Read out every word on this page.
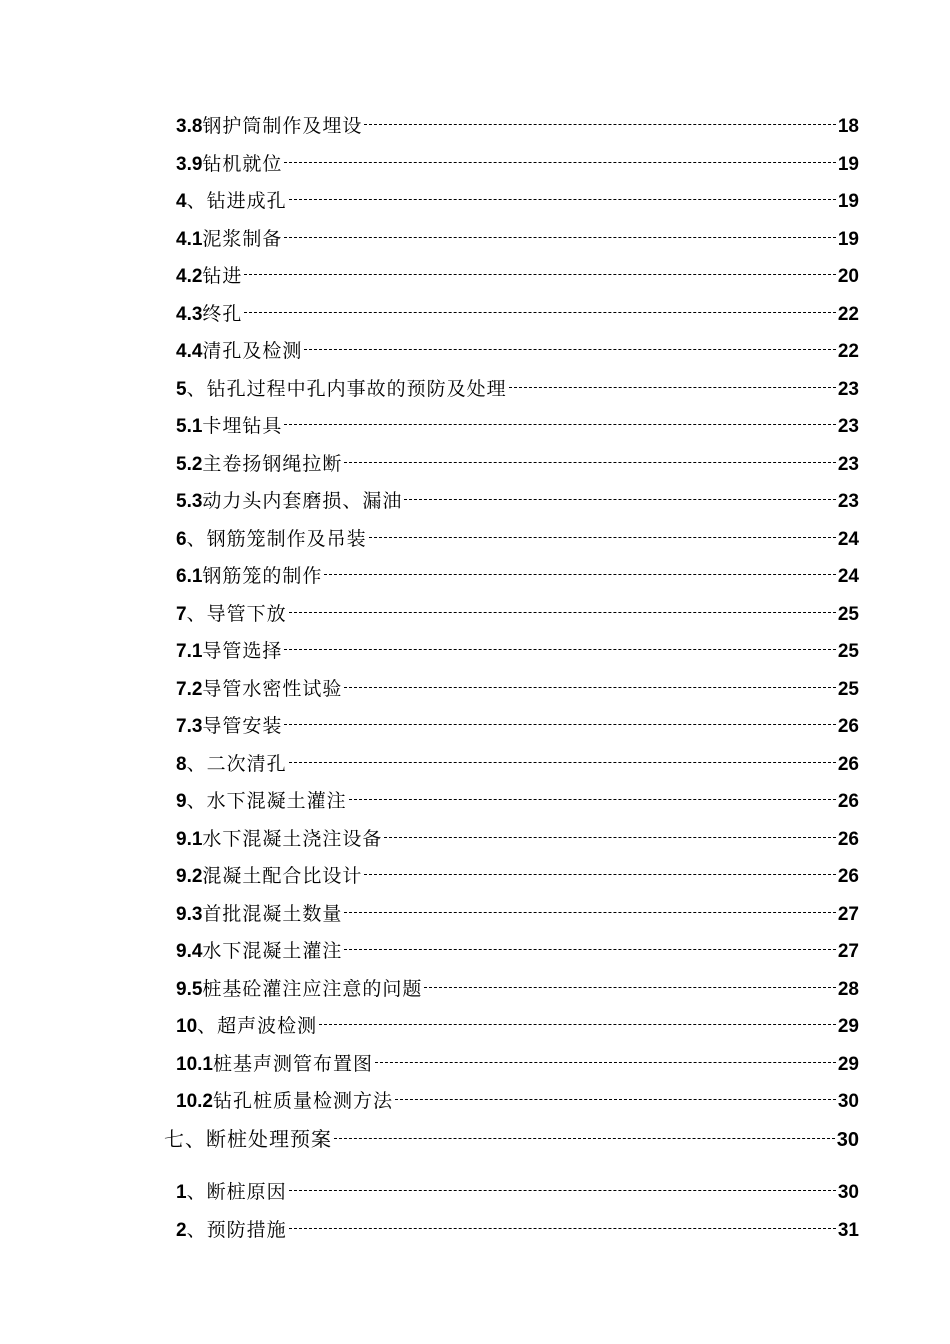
3.8 钢护筒制作及埋设	18
3.9 钻机就位	19
4 、钻进成孔	19
4.1 泥浆制备	19
4.2 钻进	20
4.3 终孔	22
4.4 清孔及检测	22
5 、钻孔过程中孔内事故的预防及处理	23
5.1 卡埋钻具	23
5.2 主卷扬钢绳拉断	23
5.3 动力头内套磨损、漏油	23
6 、钢筋笼制作及吊装	24
6.1 钢筋笼的制作	24
7 、导管下放	25
7.1 导管选择	25
7.2 导管水密性试验	25
7.3 导管安装	26
8 、二次清孔	26
9 、水下混凝土灌注	26
9.1 水下混凝土浇注设备	26
9.2 混凝土配合比设计	26
9.3 首批混凝土数量	27
9.4 水下混凝土灌注	27
9.5 桩基砼灌注应注意的问题	28
10 、超声波检测	29
10.1 桩基声测管布置图	29
10.2 钻孔桩质量检测方法	30
七、断桩处理预案	30
1 、断桩原因	30
2 、预防措施	31
